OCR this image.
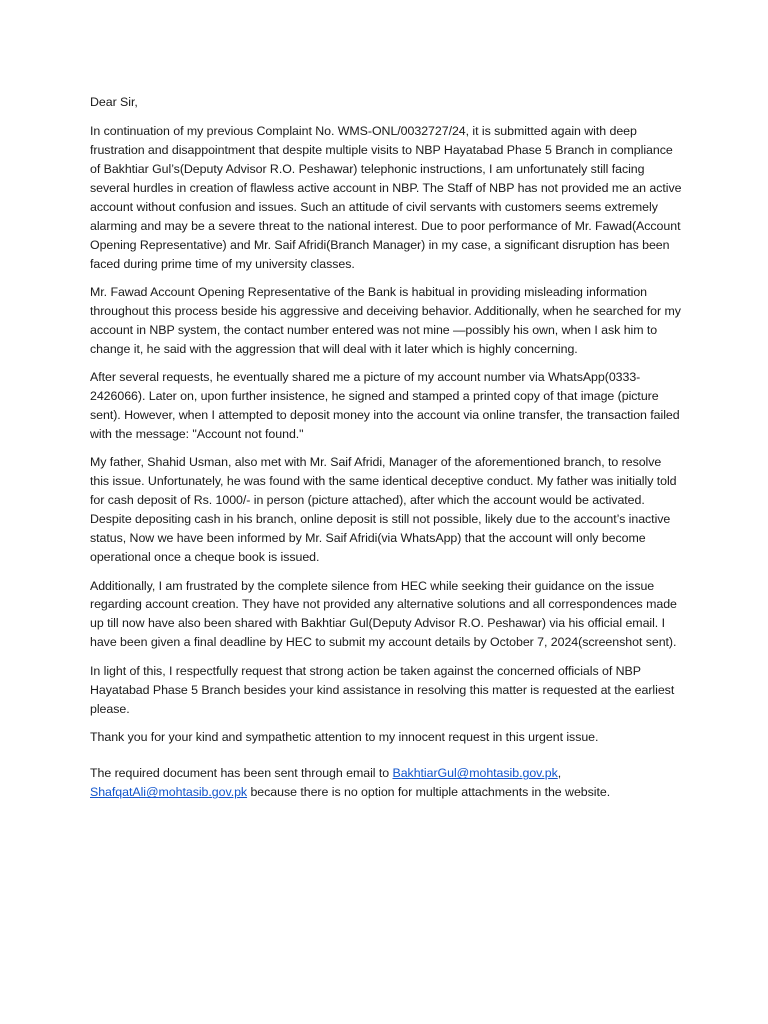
Dear Sir,

In continuation of my previous Complaint No. WMS-ONL/0032727/24, it is submitted again with deep frustration and disappointment that despite multiple visits to NBP Hayatabad Phase 5 Branch in compliance of Bakhtiar Gul’s(Deputy Advisor R.O. Peshawar) telephonic instructions, I am unfortunately still facing several hurdles in creation of flawless active account in NBP. The Staff of NBP has not provided me an active account without confusion and issues. Such an attitude of civil servants with customers seems extremely alarming and may be a severe threat to the national interest. Due to poor performance of Mr. Fawad(Account Opening Representative) and Mr. Saif Afridi(Branch Manager) in my case, a significant disruption has been faced during prime time of my university classes.

Mr. Fawad Account Opening Representative of the Bank is habitual in providing misleading information throughout this process beside his aggressive and deceiving behavior. Additionally, when he searched for my account in NBP system, the contact number entered was not mine —possibly his own, when I ask him to change it, he said with the aggression that will deal with it later which is highly concerning.

After several requests, he eventually shared me a picture of my account number via WhatsApp(0333-2426066). Later on, upon further insistence, he signed and stamped a printed copy of that image (picture sent). However, when I attempted to deposit money into the account via online transfer, the transaction failed with the message: "Account not found."

My father, Shahid Usman, also met with Mr. Saif Afridi, Manager of the aforementioned branch, to resolve this issue. Unfortunately, he was found with the same identical deceptive conduct. My father was initially told for cash deposit of Rs. 1000/- in person (picture attached), after which the account would be activated. Despite depositing cash in his branch, online deposit is still not possible, likely due to the account’s inactive status, Now we have been informed by Mr. Saif Afridi(via WhatsApp) that the account will only become operational once a cheque book is issued.

Additionally, I am frustrated by the complete silence from HEC while seeking their guidance on the issue regarding account creation. They have not provided any alternative solutions and all correspondences made up till now have also been shared with Bakhtiar Gul(Deputy Advisor R.O. Peshawar) via his official email. I have been given a final deadline by HEC to submit my account details by October 7, 2024(screenshot sent).

In light of this, I respectfully request that strong action be taken against the concerned officials of NBP Hayatabad Phase 5 Branch besides your kind assistance in resolving this matter is requested at the earliest please.

Thank you for your kind and sympathetic attention to my innocent request in this urgent issue.

The required document has been sent through email to BakhtiarGul@mohtasib.gov.pk,
ShafqatAli@mohtasib.gov.pk because there is no option for multiple attachments in the website.
